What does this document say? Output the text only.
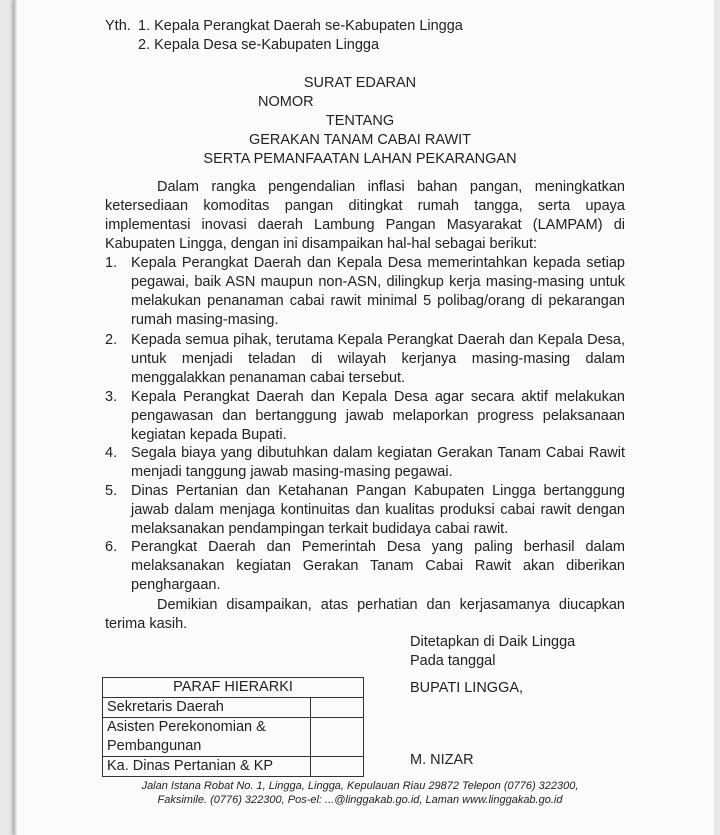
Yth. 1. Kepala Perangkat Daerah se-Kabupaten Lingga
2. Kepala Desa se-Kabupaten Lingga
SURAT EDARAN
NOMOR
TENTANG
GERAKAN TANAM CABAI RAWIT
SERTA PEMANFAATAN LAHAN PEKARANGAN
Dalam rangka pengendalian inflasi bahan pangan, meningkatkan ketersediaan komoditas pangan ditingkat rumah tangga, serta upaya implementasi inovasi daerah Lambung Pangan Masyarakat (LAMPAM) di Kabupaten Lingga, dengan ini disampaikan hal-hal sebagai berikut:
1. Kepala Perangkat Daerah dan Kepala Desa memerintahkan kepada setiap pegawai, baik ASN maupun non-ASN, dilingkup kerja masing-masing untuk melakukan penanaman cabai rawit minimal 5 polibag/orang di pekarangan rumah masing-masing.
2. Kepada semua pihak, terutama Kepala Perangkat Daerah dan Kepala Desa, untuk menjadi teladan di wilayah kerjanya masing-masing dalam menggalakkan penanaman cabai tersebut.
3. Kepala Perangkat Daerah dan Kepala Desa agar secara aktif melakukan pengawasan dan bertanggung jawab melaporkan progress pelaksanaan kegiatan kepada Bupati.
4. Segala biaya yang dibutuhkan dalam kegiatan Gerakan Tanam Cabai Rawit menjadi tanggung jawab masing-masing pegawai.
5. Dinas Pertanian dan Ketahanan Pangan Kabupaten Lingga bertanggung jawab dalam menjaga kontinuitas dan kualitas produksi cabai rawit dengan melaksanakan pendampingan terkait budidaya cabai rawit.
6. Perangkat Daerah dan Pemerintah Desa yang paling berhasil dalam melaksanakan kegiatan Gerakan Tanam Cabai Rawit akan diberikan penghargaan.
Demikian disampaikan, atas perhatian dan kerjasamanya diucapkan terima kasih.
Ditetapkan di Daik Lingga
Pada tanggal
BUPATI LINGGA,
M. NIZAR
PARAF HIERARKI	
Sekretaris Daerah	
Asisten Perekonomian & Pembangunan	
Ka. Dinas Pertanian & KP	
Jalan Istana Robat No. 1, Lingga, Lingga, Kepulauan Riau 29872 Telepon (0776) 322300,
Faksimile. (0776) 322300, Pos-el: ...@linggakab.go.id, Laman www.linggakab.go.id
